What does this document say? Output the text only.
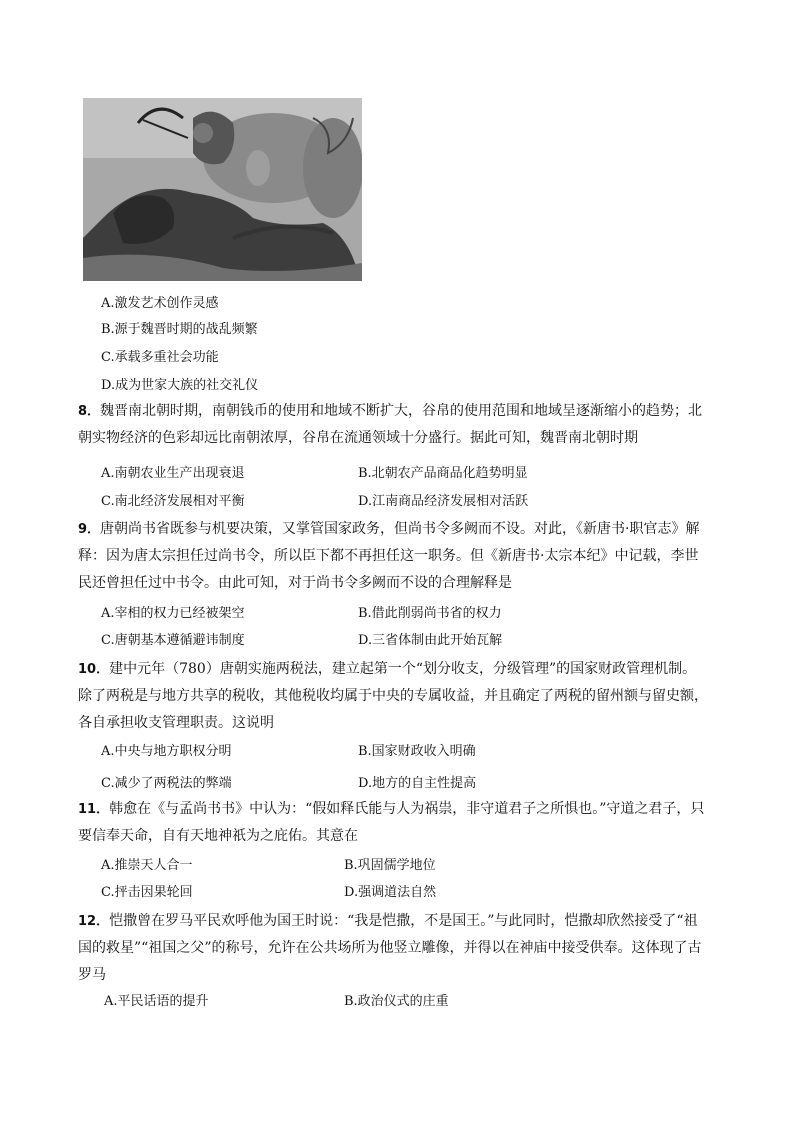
A.激发艺术创作灵感
B.源于魏晋时期的战乱频繁
C.承载多重社会功能
D.成为世家大族的社交礼仪

8．魏晋南北朝时期，南朝钱币的使用和地域不断扩大，谷帛的使用范围和地域呈逐渐缩小的趋势；北朝实物经济的色彩却远比南朝浓厚，谷帛在流通领域十分盛行。据此可知，魏晋南北朝时期

A.南朝农业生产出现衰退	B.北朝农产品商品化趋势明显
C.南北经济发展相对平衡	D.江南商品经济发展相对活跃

9．唐朝尚书省既参与机要决策，又掌管国家政务，但尚书令多阙而不设。对此，《新唐书·职官志》解释：因为唐太宗担任过尚书令，所以臣下都不再担任这一职务。但《新唐书·太宗本纪》中记载，李世民还曾担任过中书令。由此可知，对于尚书令多阙而不设的合理解释是

A.宰相的权力已经被架空	B.借此削弱尚书省的权力
C.唐朝基本遵循避讳制度	D.三省体制由此开始瓦解

10．建中元年（780）唐朝实施两税法，建立起第一个“划分收支，分级管理”的国家财政管理机制。除了两税是与地方共享的税收，其他税收均属于中央的专属收益，并且确定了两税的留州额与留史额，各自承担收支管理职责。这说明

A.中央与地方职权分明	B.国家财政收入明确
C.减少了两税法的弊端	D.地方的自主性提高

11．韩愈在《与孟尚书书》中认为：“假如释氏能与人为祸祟，非守道君子之所惧也。”守道之君子，只要信奉天命，自有天地神祇为之庇佑。其意在

A.推崇天人合一	B.巩固儒学地位
C.抨击因果轮回	D.强调道法自然

12．恺撒曾在罗马平民欢呼他为国王时说：“我是恺撒，不是国王。”与此同时，恺撒却欣然接受了“祖国的救星”“祖国之父”的称号，允许在公共场所为他竖立雕像，并得以在神庙中接受供奉。这体现了古罗马

A.平民话语的提升	B.政治仪式的庄重
